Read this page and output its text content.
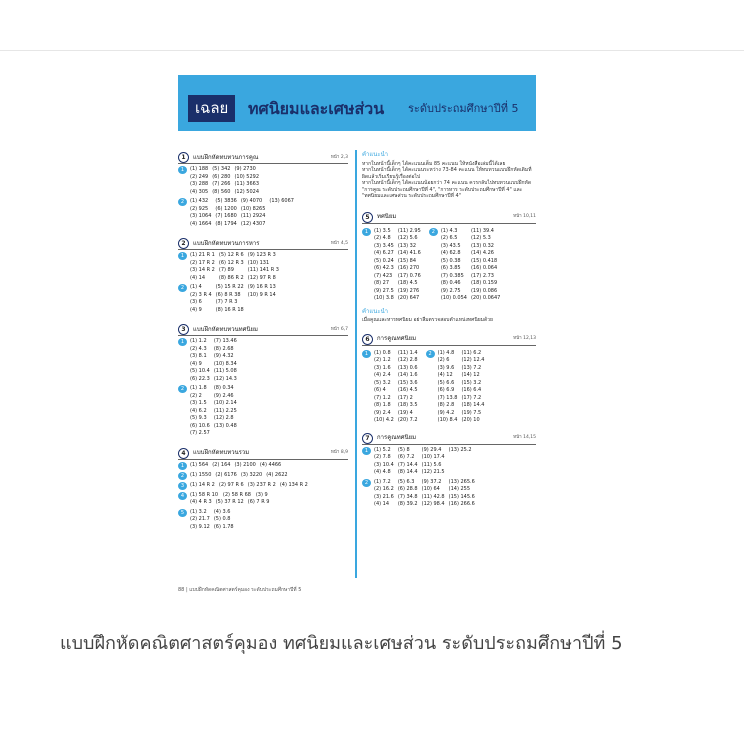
เฉลย	ทศนิยมและเศษส่วน ระดับประถมศึกษาปีที่ 5
1	แบบฝึกหัดทบทวนการคูณ	หน้า 2,3
1	(1) 188 (5) 342 (9) 2730
(2) 249 (6) 280 (10) 5292
(3) 288 (7) 266 (11) 3663
(4) 305 (8) 560 (12) 5024
2	(1) 432	(5) 3836 (9) 4070	(13) 6067
(2) 925	(6) 1200 (10) 8265
(3) 1064 (7) 1680 (11) 2924
(4) 1664 (8) 1794 (12) 4307
2	แบบฝึกหัดทบทวนการหาร	หน้า 4,5
1	(1) 21 R 1 (5) 12 R 6 (9) 123 R 3
(2) 17 R 2 (6) 12 R 3 (10) 131
(3) 14 R 2 (7) 89	(11) 141 R 3
(4) 14	(8) 86 R 2 (12) 97 R 8
2	(1) 4	(5) 15 R 22 (9) 16 R 13
(2) 3 R 4 (6) 8 R 38	(10) 9 R 14
(3) 6	(7) 7 R 3
(4) 9	(8) 16 R 18
3	แบบฝึกหัดทบทวนทศนิยม	หน้า 6,7
1	(1) 1.2	(7) 13.46
(2) 4.3	(8) 2.68
(3) 8.1	(9) 4.32
(4) 9	(10) 8.34
(5) 10.4 (11) 5.08
(6) 22.3 (12) 14.3
2	(1) 1.8	(8) 0.34
(2) 2	(9) 2.46
(3) 1.5	(10) 2.14
(4) 6.2	(11) 2.25
(5) 9.3	(12) 2.8
(6) 10.6 (13) 0.48
(7) 2.57
4	แบบฝึกหัดทบทวนรวม	หน้า 8,9
1	(1) 564 (2) 164 (3) 2100 (4) 4466
2	(1) 1550 (2) 6176 (3) 3220 (4) 2622
3	(1) 14 R 2 (2) 97 R 6 (3) 237 R 2 (4) 134 R 2
4	(1) 58 R 10 (2) 58 R 68 (3) 9
(4) 4 R 3 (5) 37 R 12 (6) 7 R 9
5	(1) 3.2	(4) 3.6
(2) 21.7 (5) 0.8
(3) 9.12 (6) 1.78
คำแนะนำ
หากในหน้านี้เด็กๆ ได้คะแนนเต็ม 85 คะแนน ให้หนังสือเล่มนี้ได้เลย
หากในหน้านี้เด็กๆ ได้คะแนนระหว่าง 73-84 คะแนน ให้ทบทวนแบบฝึกหัดเดิมที่ผิดแล้วเริ่มเรียนรู้เรื่องต่อไป
หากในหน้านี้เด็กๆ ได้คะแนนน้อยกว่า 74 คะแนน ควรกลับไปทบทวนแบบฝึกหัด "การคูณ ระดับประถมศึกษาปีที่ 4", "การหาร ระดับประถมศึกษาปีที่ 4" และ "ทศนิยมและเศษส่วน ระดับประถมศึกษาปีที่ 4"
5	ทศนิยม	หน้า 10,11
1	(1) 3.5	(11) 2.95
(2) 4.8	(12) 5.6
(3) 3.45 (13) 32
(4) 6.27 (14) 41.6
(5) 0.24 (15) 84
(6) 42.3 (16) 270
(7) 423	(17) 0.76
(8) 27	(18) 4.5
(9) 27.5 (19) 276
(10) 3.8 (20) 647
2	(1) 4.3	(11) 39.4
(2) 6.5	(12) 5.3
(3) 43.5	(13) 0.32
(4) 62.8	(14) 4.26
(5) 0.38	(15) 0.418
(6) 3.85	(16) 0.064
(7) 0.385	(17) 2.73
(8) 0.46	(18) 0.159
(9) 2.75	(19) 0.086
(10) 0.054 (20) 0.0647
คำแนะนำ
เมื่อคูณและหารทศนิยม อย่าลืมตรวจสอบตำแหน่งทศนิยมด้วย
6	การคูณทศนิยม	หน้า 12,13
1	(1) 0.8	(11) 1.4
(2) 1.2	(12) 2.8
(3) 1.6	(13) 0.6
(4) 2.4	(14) 1.6
(5) 3.2	(15) 3.6
(6) 4	(16) 4.5
(7) 1.2	(17) 2
(8) 1.8	(18) 3.5
(9) 2.4	(19) 4
(10) 4.2 (20) 7.2
2	(1) 4.8	(11) 6.2
(2) 6	(12) 12.4
(3) 9.6	(13) 7.2
(4) 12	(14) 12
(5) 6.6	(15) 3.2
(6) 6.9	(16) 6.4
(7) 13.8 (17) 7.2
(8) 2.8	(18) 14.4
(9) 4.2	(19) 7.5
(10) 8.4 (20) 10
7	การคูณทศนิยม	หน้า 14,15
1	(1) 5.2	(5) 8	(9) 29.4	(13) 25.2
(2) 7.8	(6) 7.2	(10) 17.4
(3) 10.4 (7) 14.4 (11) 5.6
(4) 4.8	(8) 14.4 (12) 21.5
2	(1) 7.2	(5) 6.3	(9) 37.2	(13) 265.6
(2) 16.2 (6) 28.8 (10) 64	(14) 255
(3) 21.6 (7) 34.8 (11) 42.8 (15) 145.6
(4) 14	(8) 39.2 (12) 98.4 (16) 266.6
88 | แบบฝึกหัดคณิตศาสตร์คุมอง ระดับประถมศึกษาปีที่ 5
แบบฝึกหัดคณิตศาสตร์คุมอง ทศนิยมและเศษส่วน ระดับประถมศึกษาปีที่ 5
